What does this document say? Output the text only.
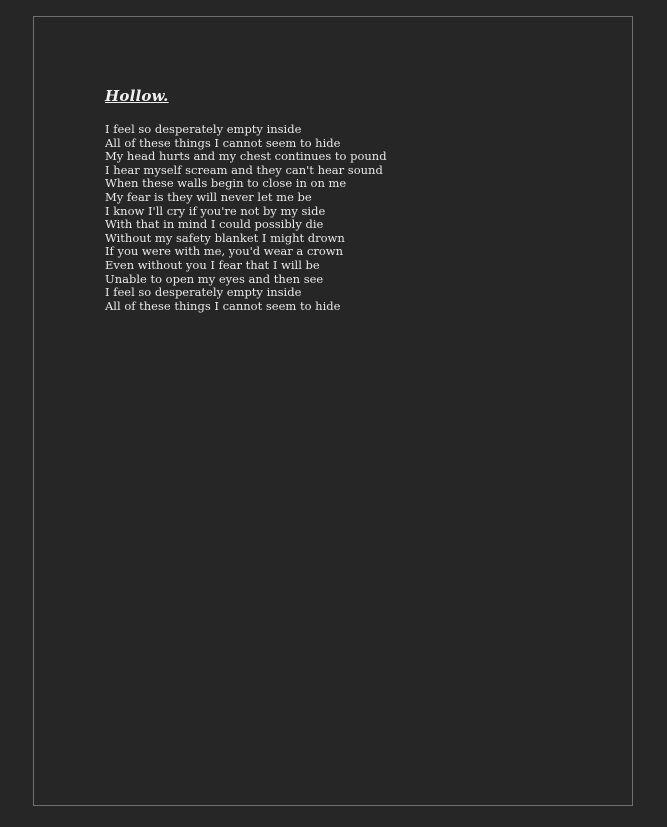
Hollow.

I feel so desperately empty inside

All of these things I cannot seem to hide

My head hurts and my chest continues to pound

I hear myself scream and they can't hear sound

When these walls begin to close in on me

My fear is they will never let me be

I know I'll cry if you're not by my side

With that in mind I could possibly die

Without my safety blanket I might drown

If you were with me, you'd wear a crown

Even without you I fear that I will be

Unable to open my eyes and then see

I feel so desperately empty inside

All of these things I cannot seem to hide
